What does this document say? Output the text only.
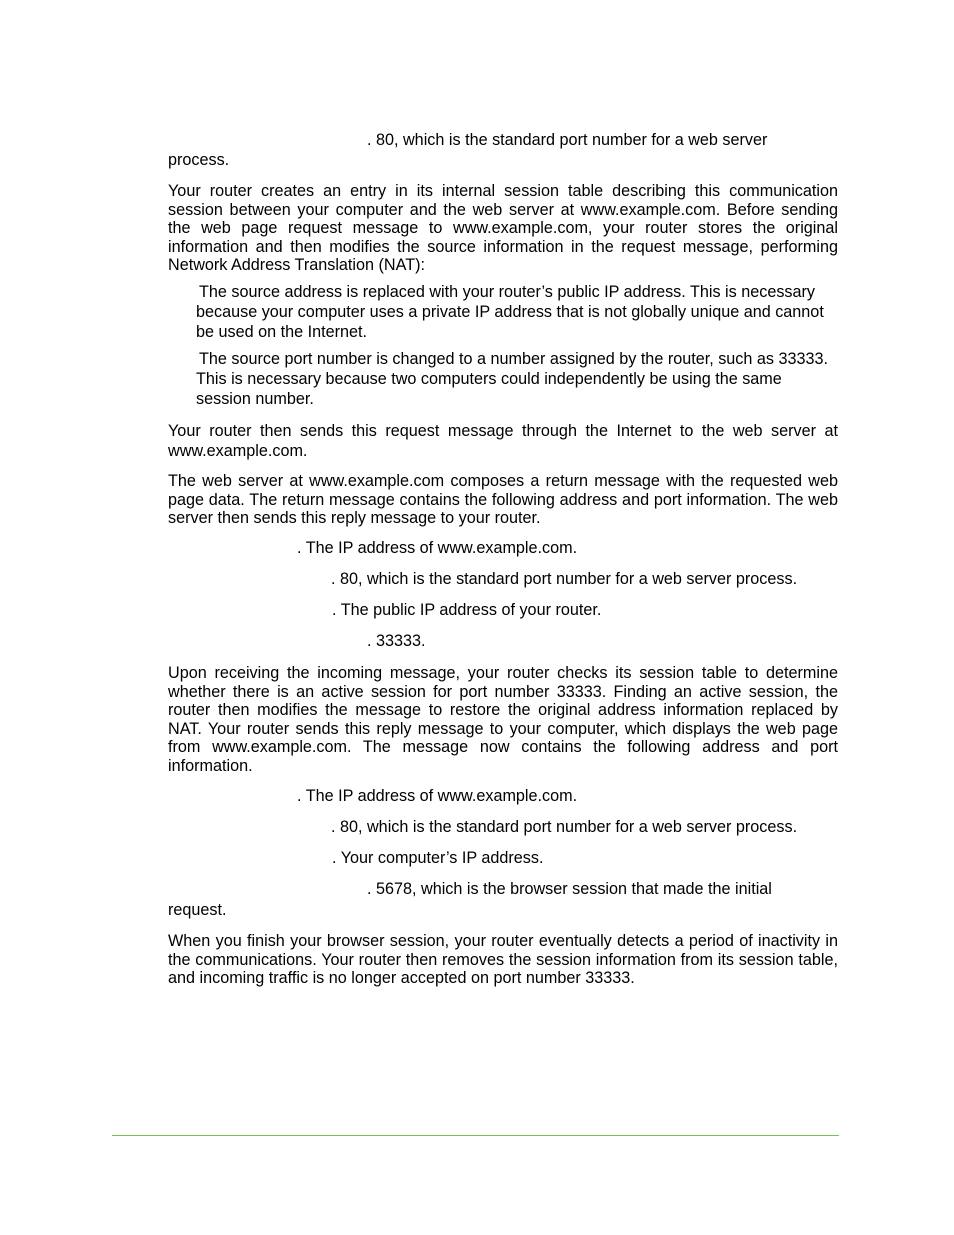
. 80, which is the standard port number for a web server
process.
Your router creates an entry in its internal session table describing this communication session between your computer and the web server at www.example.com. Before sending the web page request message to www.example.com, your router stores the original information and then modifies the source information in the request message, performing Network Address Translation (NAT):
The source address is replaced with your router’s public IP address. This is necessary because your computer uses a private IP address that is not globally unique and cannot be used on the Internet.
The source port number is changed to a number assigned by the router, such as 33333. This is necessary because two computers could independently be using the same session number.
Your router then sends this request message through the Internet to the web server at www.example.com.
The web server at www.example.com composes a return message with the requested web page data. The return message contains the following address and port information. The web server then sends this reply message to your router.
. The IP address of www.example.com.
. 80, which is the standard port number for a web server process.
. The public IP address of your router.
. 33333.
Upon receiving the incoming message, your router checks its session table to determine whether there is an active session for port number 33333. Finding an active session, the router then modifies the message to restore the original address information replaced by NAT. Your router sends this reply message to your computer, which displays the web page from www.example.com. The message now contains the following address and port information.
. The IP address of www.example.com.
. 80, which is the standard port number for a web server process.
. Your computer’s IP address.
. 5678, which is the browser session that made the initial
request.
When you finish your browser session, your router eventually detects a period of inactivity in the communications. Your router then removes the session information from its session table, and incoming traffic is no longer accepted on port number 33333.
